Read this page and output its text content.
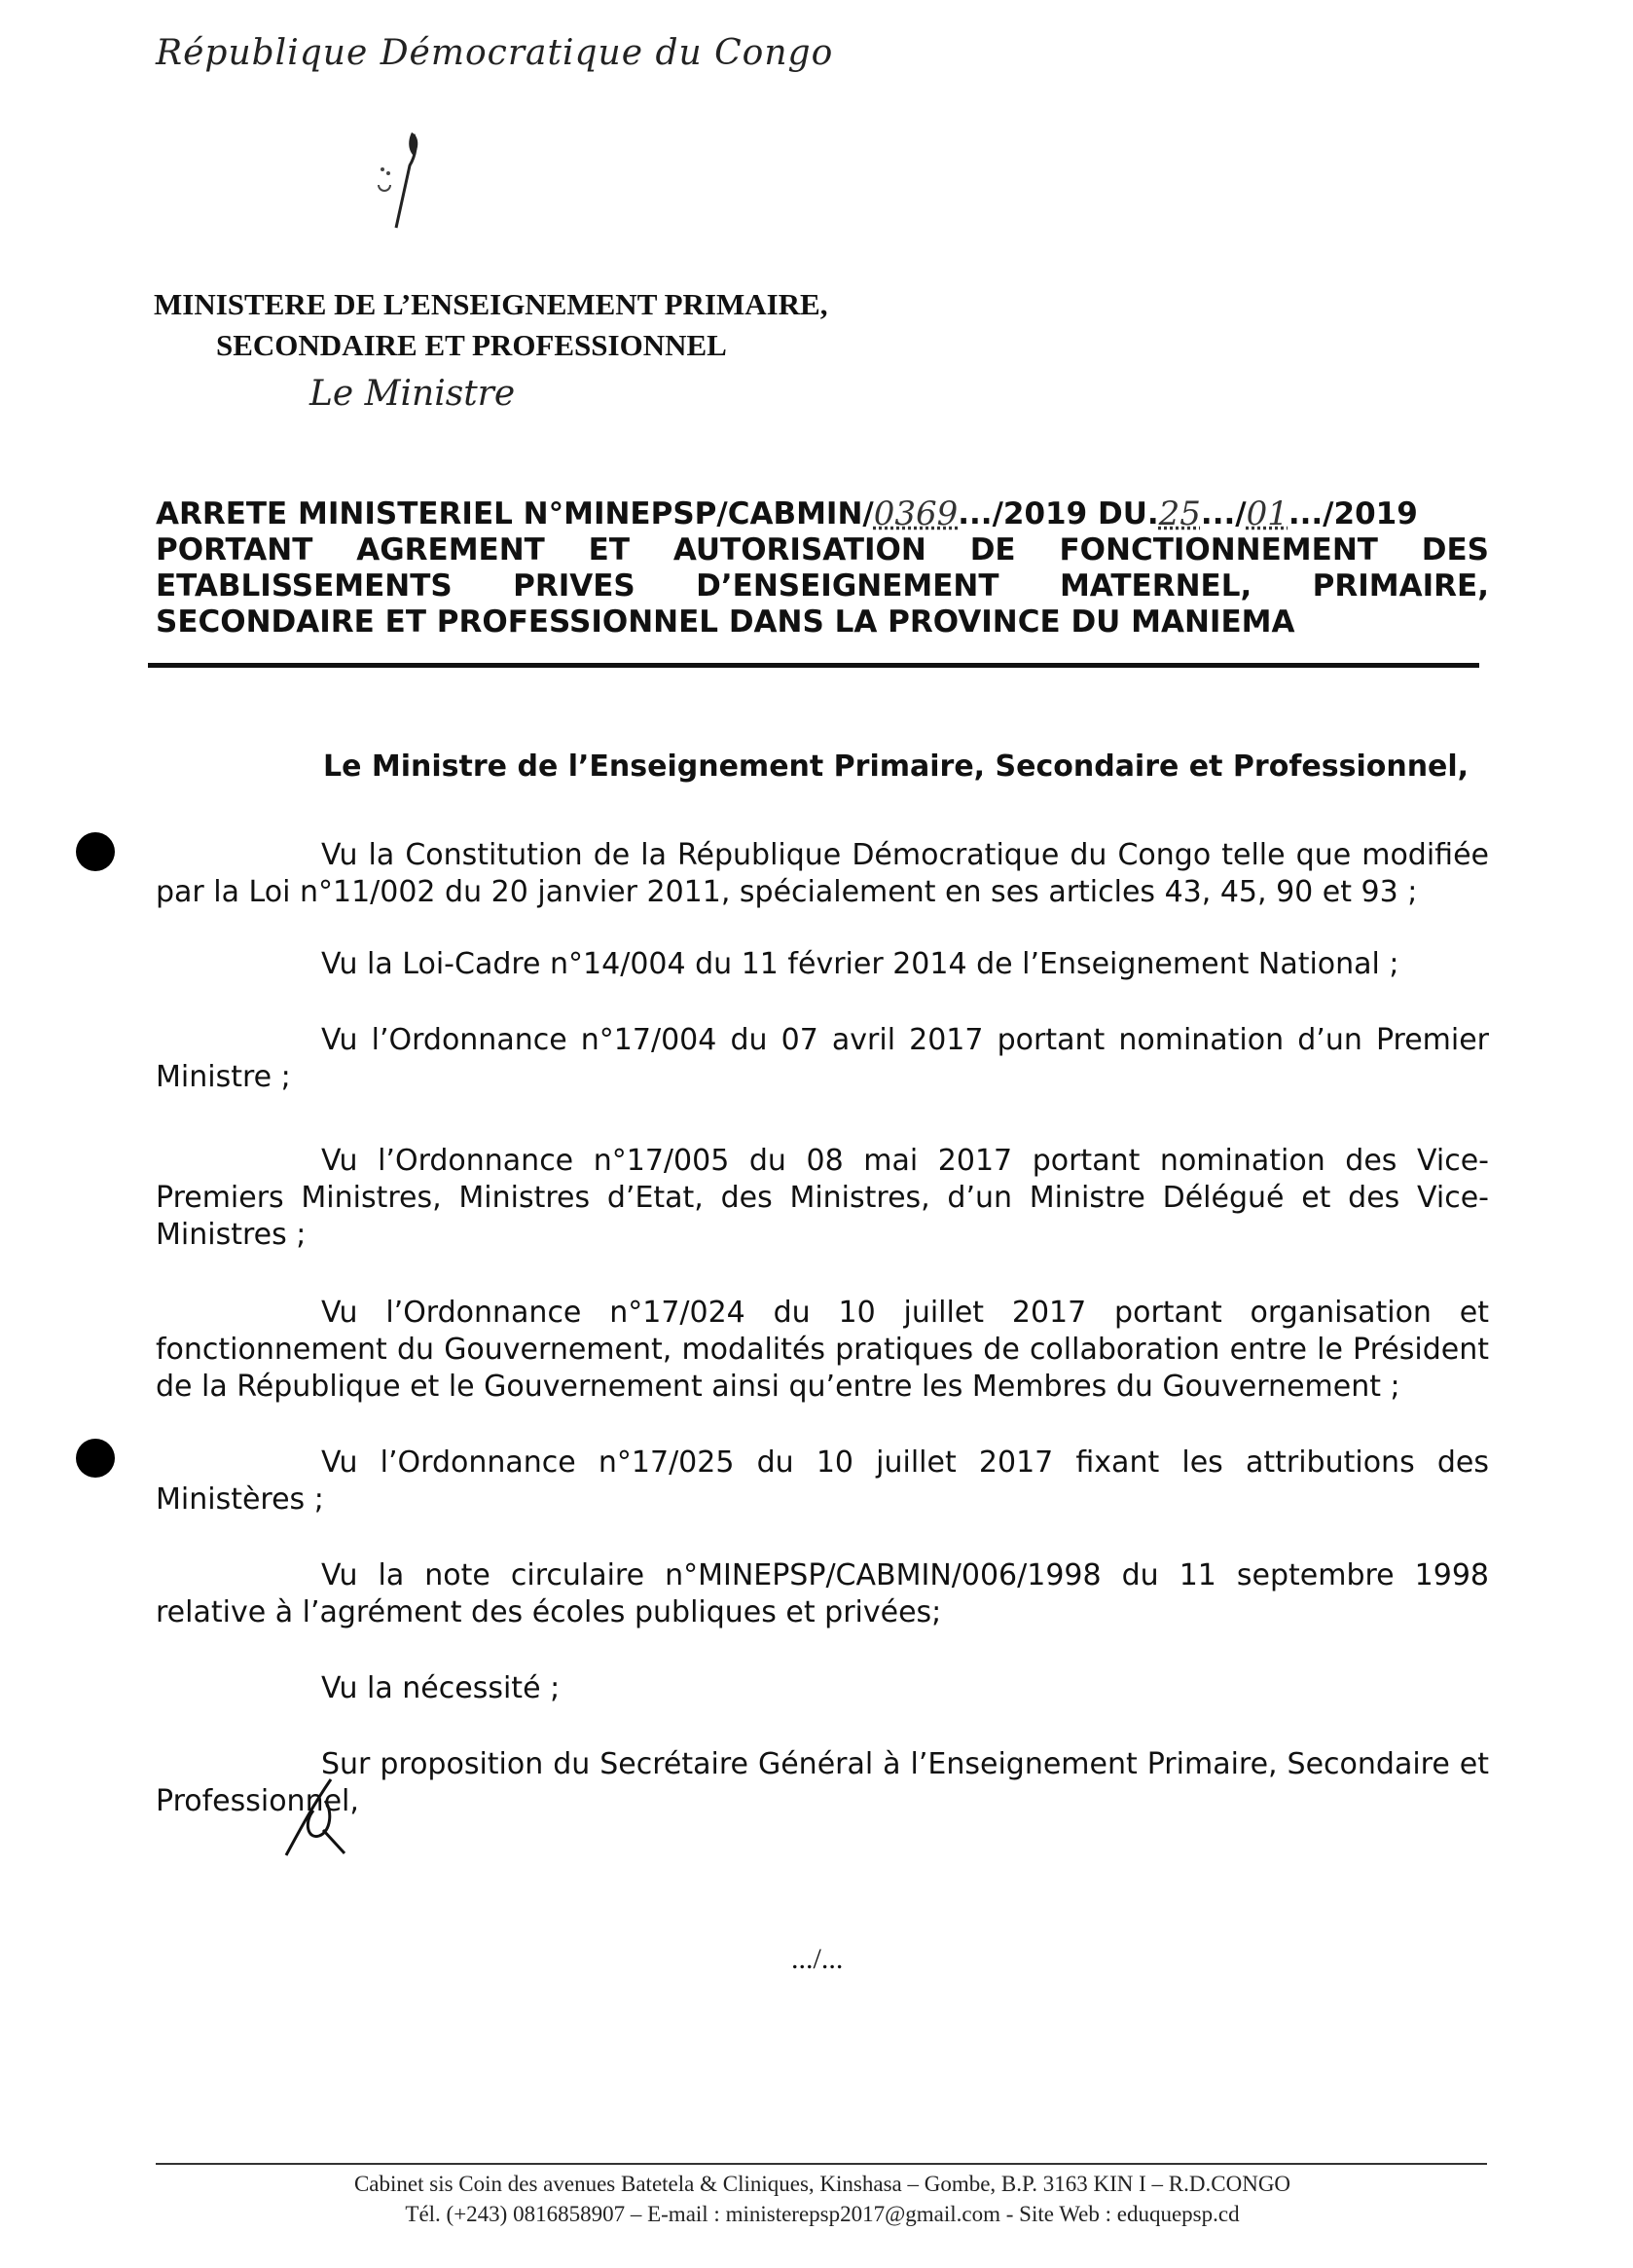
République Démocratique du Congo
MINISTERE DE L’ENSEIGNEMENT PRIMAIRE,
SECONDAIRE ET PROFESSIONNEL
Le Ministre
ARRETE MINISTERIEL N°MINEPSP/CABMIN/ 0369 .../2019 DU. 25 .../ 01 .../2019
PORTANT AGREMENT ET AUTORISATION DE FONCTIONNEMENT DES
ETABLISSEMENTS PRIVES D’ENSEIGNEMENT MATERNEL, PRIMAIRE,
SECONDAIRE ET PROFESSIONNEL DANS LA PROVINCE DU MANIEMA
Le Ministre de l’Enseignement Primaire, Secondaire et Professionnel,

Vu la Constitution de la République Démocratique du Congo telle que modifiée par la Loi n°11/002 du 20 janvier 2011, spécialement en ses articles 43, 45, 90 et 93 ;

Vu la Loi-Cadre n°14/004 du 11 février 2014 de l’Enseignement National ;

Vu l’Ordonnance n°17/004 du 07 avril 2017 portant nomination d’un Premier Ministre ;

Vu l’Ordonnance n°17/005 du 08 mai 2017 portant nomination des Vice-Premiers Ministres, Ministres d’Etat, des Ministres, d’un Ministre Délégué et des Vice-Ministres ;

Vu l’Ordonnance n°17/024 du 10 juillet 2017 portant organisation et fonctionnement du Gouvernement, modalités pratiques de collaboration entre le Président de la République et le Gouvernement ainsi qu’entre les Membres du Gouvernement ;

Vu l’Ordonnance n°17/025 du 10 juillet 2017 fixant les attributions des Ministères ;

Vu la note circulaire n°MINEPSP/CABMIN/006/1998 du 11 septembre 1998 relative à l’agrément des écoles publiques et privées;

Vu la nécessité ;

Sur proposition du Secrétaire Général à l’Enseignement Primaire, Secondaire et Professionnel,

.../...
Cabinet sis Coin des avenues Batetela & Cliniques, Kinshasa – Gombe, B.P. 3163 KIN I – R.D.CONGO
Tél. (+243) 0816858907 – E-mail : ministerepsp2017@gmail.com - Site Web : eduquepsp.cd
